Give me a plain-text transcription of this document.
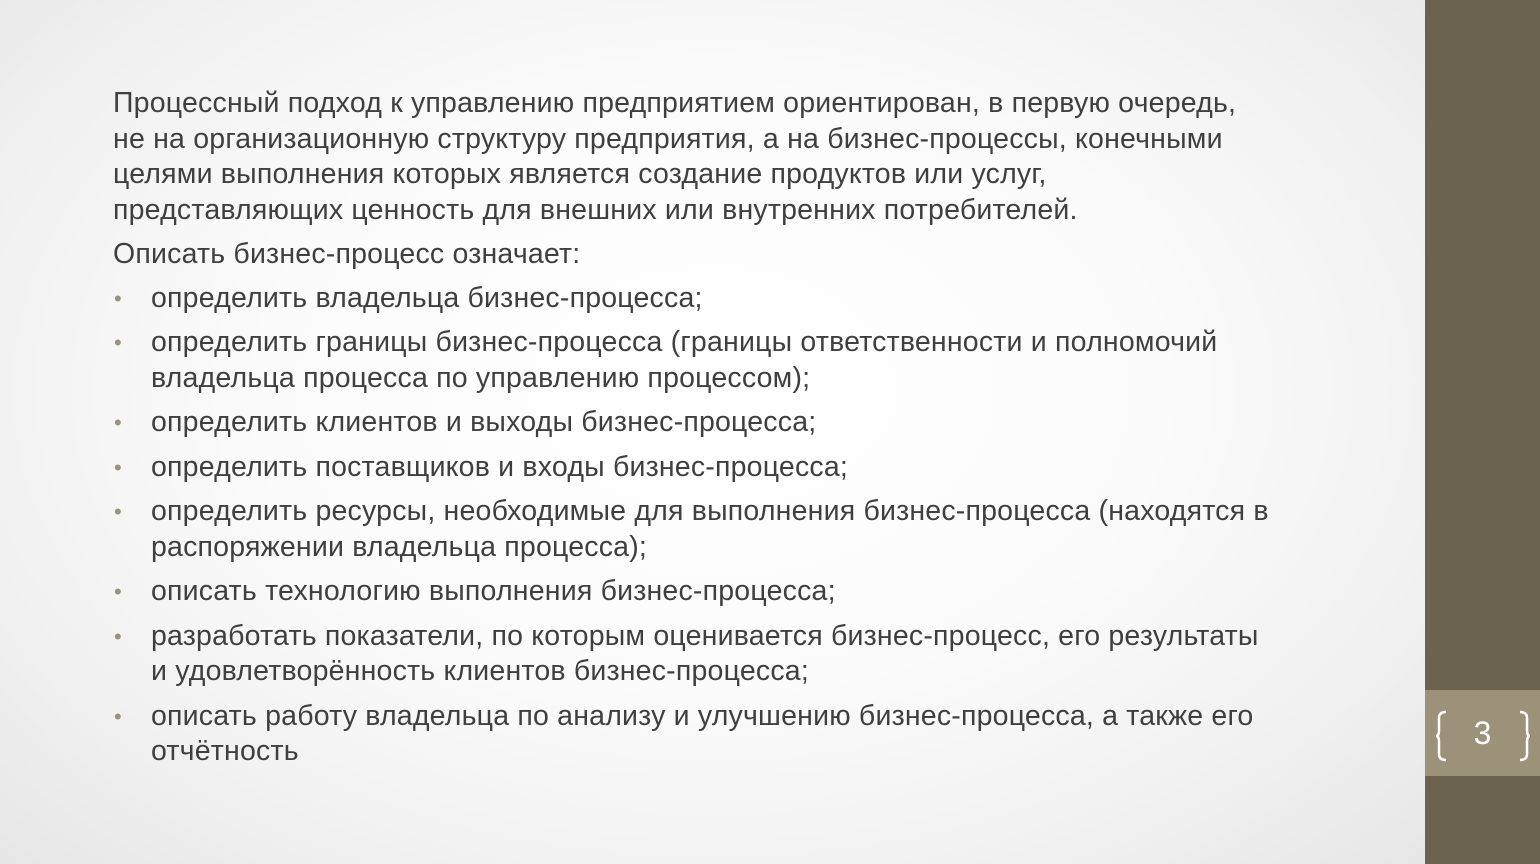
3

Процессный подход к управлению предприятием ориентирован, в первую очередь,
не на организационную структуру предприятия, а на бизнес-процессы, конечными
целями выполнения которых является создание продуктов или услуг,
представляющих ценность для внешних или внутренних потребителей.

Описать бизнес-процесс означает:

• определить владельца бизнес-процесса;
• определить границы бизнес-процесса (границы ответственности и полномочий
владельца процесса по управлению процессом);
• определить клиентов и выходы бизнес-процесса;
• определить поставщиков и входы бизнес-процесса;
• определить ресурсы, необходимые для выполнения бизнес-процесса (находятся в
распоряжении владельца процесса);
• описать технологию выполнения бизнес-процесса;
• разработать показатели, по которым оценивается бизнес-процесс, его результаты
и удовлетворённость клиентов бизнес-процесса;
• описать работу владельца по анализу и улучшению бизнес-процесса, а также его
отчётность
